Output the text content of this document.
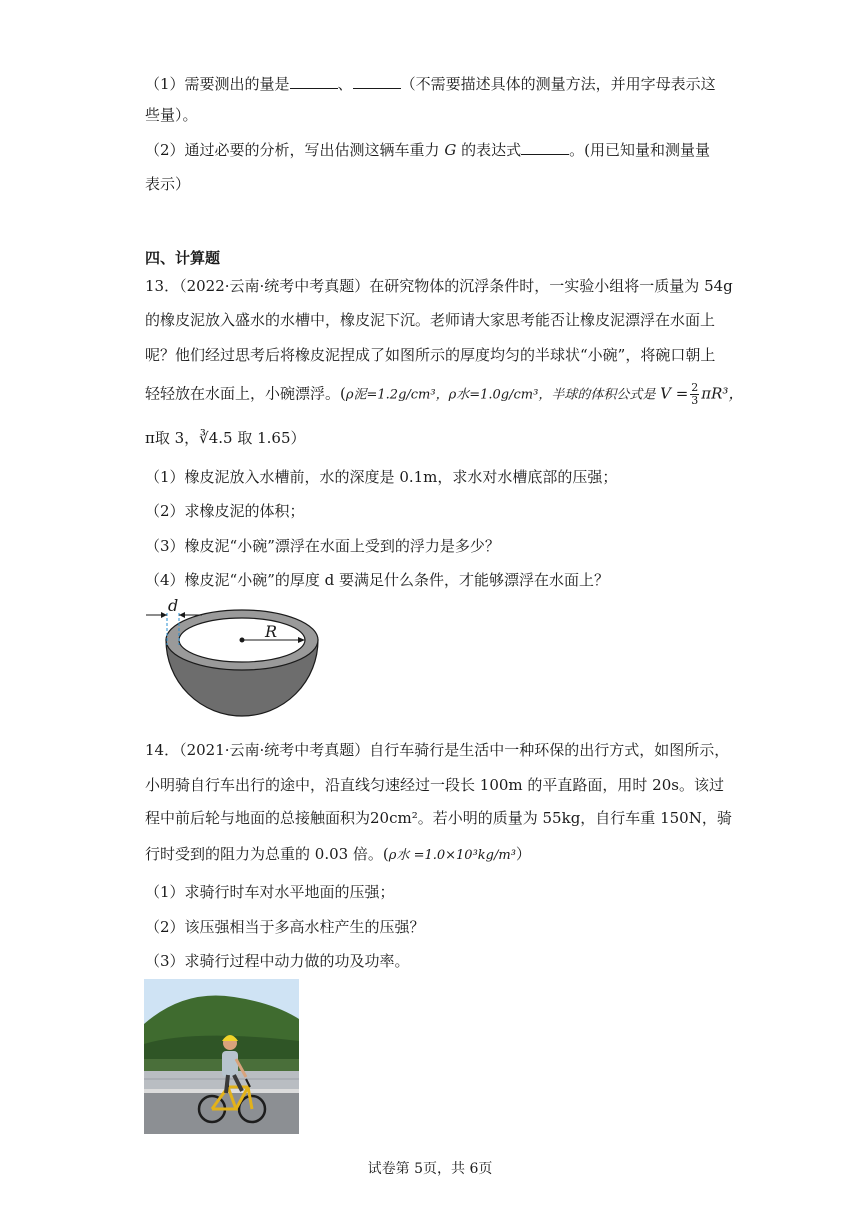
（1）需要测出的量是	、	（不需要描述具体的测量方法，并用字母表示这
些量）。
（2）通过必要的分析，写出估测这辆车重力 G 的表达式	。(用已知量和测量量
表示）
四、计算题
13．（2022·云南·统考中考真题）在研究物体的沉浮条件时，一实验小组将一质量为 54g
的橡皮泥放入盛水的水槽中，橡皮泥下沉。老师请大家思考能否让橡皮泥漂浮在水面上
呢？他们经过思考后将橡皮泥捏成了如图所示的厚度均匀的半球状“小碗”，将碗口朝上
轻轻放在水面上，小碗漂浮。(ρ泥=1.2g/cm³，ρ水=1.0g/cm³，半球的体积公式是 $V = \frac{2}{3} \pi R^3$，
π取 3，∛4.5 取 1.65）
（1）橡皮泥放入水槽前，水的深度是 0.1m，求水对水槽底部的压强；
（2）求橡皮泥的体积；
（3）橡皮泥“小碗”漂浮在水面上受到的浮力是多少？
（4）橡皮泥“小碗”的厚度 d 要满足什么条件，才能够漂浮在水面上？
d
R
14．（2021·云南·统考中考真题）自行车骑行是生活中一种环保的出行方式，如图所示，
小明骑自行车出行的途中，沿直线匀速经过一段长 100m 的平直路面，用时 20s。该过
程中前后轮与地面的总接触面积为20cm²。若小明的质量为 55kg，自行车重 150N，骑
行时受到的阻力为总重的 0.03 倍。(ρ水 =1.0×10³kg/m³）
（1）求骑行时车对水平地面的压强；
（2）该压强相当于多高水柱产生的压强？
（3）求骑行过程中动力做的功及功率。
试卷第 5页，共 6页
